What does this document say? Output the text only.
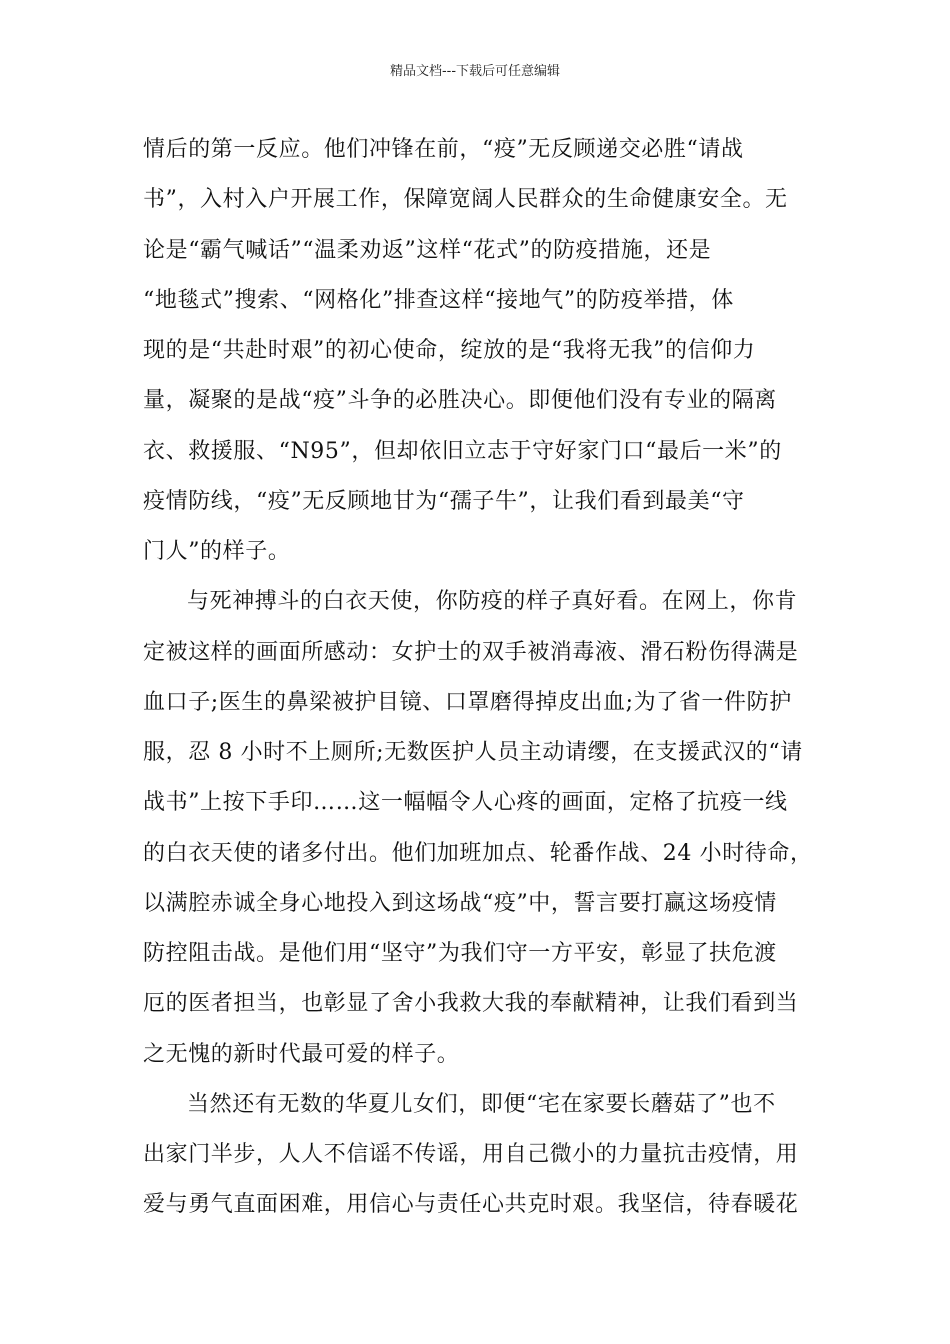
精品文档---下载后可任意编辑
情后的第一反应。他们冲锋在前，“疫”无反顾递交必胜“请战
书”，入村入户开展工作，保障宽阔人民群众的生命健康安全。无
论是“霸气喊话”“温柔劝返”这样“花式”的防疫措施，还是
“地毯式”搜索、“网格化”排查这样“接地气”的防疫举措，体
现的是“共赴时艰”的初心使命，绽放的是“我将无我”的信仰力
量，凝聚的是战“疫”斗争的必胜决心。即便他们没有专业的隔离
衣、救援服、“N95”，但却依旧立志于守好家门口“最后一米”的
疫情防线，“疫”无反顾地甘为“孺子牛”，让我们看到最美“守
门人”的样子。
与死神搏斗的白衣天使，你防疫的样子真好看。在网上，你肯
定被这样的画面所感动：女护士的双手被消毒液、滑石粉伤得满是
血口子;医生的鼻梁被护目镜、口罩磨得掉皮出血;为了省一件防护
服，忍 8 小时不上厕所;无数医护人员主动请缨，在支援武汉的“请
战书”上按下手印……这一幅幅令人心疼的画面，定格了抗疫一线
的白衣天使的诸多付出。他们加班加点、轮番作战、24 小时待命，
以满腔赤诚全身心地投入到这场战“疫”中，誓言要打赢这场疫情
防控阻击战。是他们用“坚守”为我们守一方平安，彰显了扶危渡
厄的医者担当，也彰显了舍小我救大我的奉献精神，让我们看到当
之无愧的新时代最可爱的样子。
当然还有无数的华夏儿女们，即便“宅在家要长蘑菇了”也不
出家门半步，人人不信谣不传谣，用自己微小的力量抗击疫情，用
爱与勇气直面困难，用信心与责任心共克时艰。我坚信，待春暖花
